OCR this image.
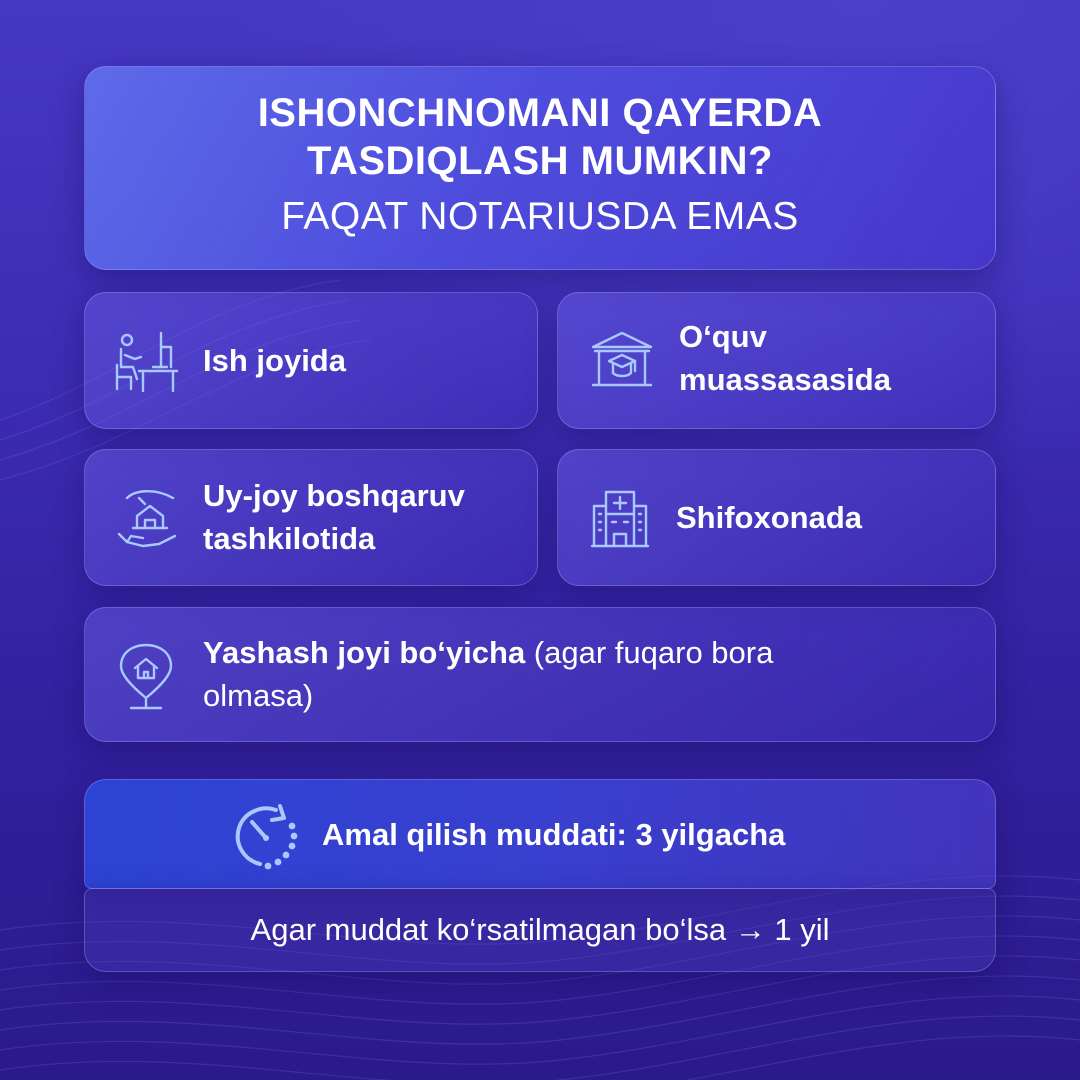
ISHONCHNOMANI QAYERDA
TASDIQLASH MUMKIN?
FAQAT NOTARIUSDA EMAS
Ish joyida
O‘quv
muassasasida
Uy-joy boshqaruv
tashkilotida
Shifoxonada
Yashash joyi bo‘yicha (agar fuqaro bora
olmasa)
Amal qilish muddati: 3 yilgacha
Agar muddat ko‘rsatilmagan bo‘lsa → 1 yil
